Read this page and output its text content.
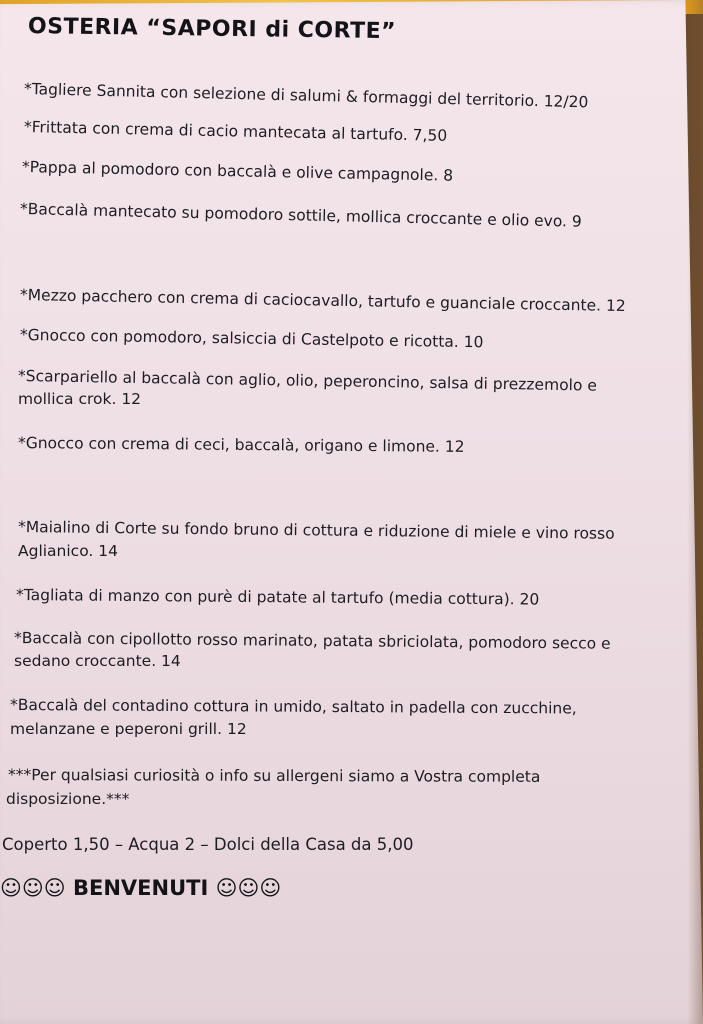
OSTERIA “SAPORI di CORTE”
*Tagliere Sannita con selezione di salumi & formaggi del territorio. 12/20
*Frittata con crema di cacio mantecata al tartufo. 7,50
*Pappa al pomodoro con baccalà e olive campagnole. 8
*Baccalà mantecato su pomodoro sottile, mollica croccante e olio evo. 9
*Mezzo pacchero con crema di caciocavallo, tartufo e guanciale croccante. 12
*Gnocco con pomodoro, salsiccia di Castelpoto e ricotta. 10
*Scarpariello al baccalà con aglio, olio, peperoncino, salsa di prezzemolo e
mollica crok. 12
*Gnocco con crema di ceci, baccalà, origano e limone. 12
*Maialino di Corte su fondo bruno di cottura e riduzione di miele e vino rosso
Aglianico. 14
*Tagliata di manzo con purè di patate al tartufo (media cottura). 20
*Baccalà con cipollotto rosso marinato, patata sbriciolata, pomodoro secco e
sedano croccante. 14
*Baccalà del contadino cottura in umido, saltato in padella con zucchine,
melanzane e peperoni grill. 12
***Per qualsiasi curiosità o info su allergeni siamo a Vostra completa
disposizione.***
Coperto 1,50 – Acqua 2 – Dolci della Casa da 5,00
☺☺☺ BENVENUTI ☺☺☺
